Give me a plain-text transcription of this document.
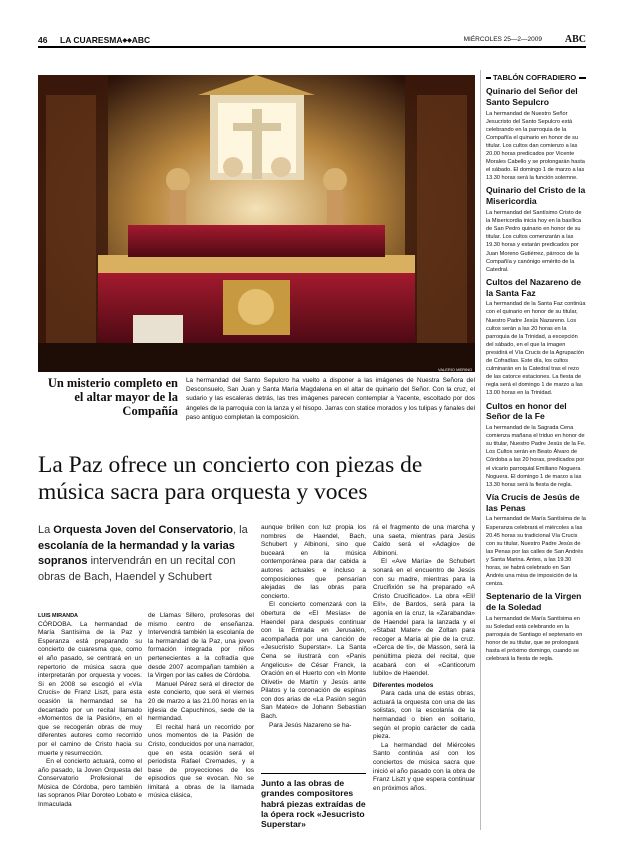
46 LA CUARESMA◆◆ABC	MIÉRCOLES 25—2—2009 ABC
VALERIO MERINO
Un misterio completo en el altar mayor de la Compañía
La hermandad del Santo Sepulcro ha vuelto a disponer a las imágenes de Nuestra Señora del Desconsuelo, San Juan y Santa María Magdalena en el altar de quinario del Señor. Con la cruz, el sudario y las escaleras detrás, las tres imágenes parecen contemplar a Yacente, escoltado por dos ángeles de la parroquia con la lanza y el hisopo. Jarras con statice morados y los tulipas y fanales del paso antiguo completan la composición.
La Paz ofrece un concierto con piezas de música sacra para orquesta y voces
La Orquesta Joven del Conservatorio, la escolanía de la hermandad y la varias sopranos intervendrán en un recital con obras de Bach, Haendel y Schubert

LUIS MIRANDA

CÓRDOBA. La hermandad de María Santísima de la Paz y Esperanza está preparando su concierto de cuaresma que, como el año pasado, se centrará en un repertorio de música sacra que interpretarán por orquesta y voces. Si en 2008 se escogió el «Vía Crucis» de Franz Liszt, para esta ocasión la hermandad se ha decantado por un recital llamado «Momentos de la Pasión», en el que se recogerán obras de muy diferentes autores como recorrido por el camino de Cristo hacia su muerte y resurrección.

En el concierto actuará, como el año pasado, la Joven Orquesta del Conservatorio Profesional de Música de Córdoba, pero también las sopranos Pilar Doroteo Lobato e Inmaculada

de Llamas Sillero, profesoras del mismo centro de enseñanza. Intervendrá también la escolanía de la hermandad de la Paz, una joven formación integrada por niños pertenecientes a la cofradía que desde 2007 acompañan también a la Virgen por las calles de Córdoba.

Manuel Pérez será el director de este concierto, que será el viernes 20 de marzo a las 21.00 horas en la iglesia de Capuchinos, sede de la hermandad.

El recital hará un recorrido por unos momentos de la Pasión de Cristo, conducidos por una narrador, que en esta ocasión será el periodista Rafael Cremades, y a base de proyecciones de los episodios que se evocan. No se limitará a obras de la llamada música clásica,

aunque brillen con luz propia los nombres de Haendel, Bach, Schubert y Albinoni, sino que buceará en la música contemporánea para dar cabida a autores actuales e incluso a composiciones que pensarían alejadas de las obras para concierto.

El concierto comenzará con la obertura de «El Mesías» de Haendel para después continuar con la Entrada en Jerusalén, acompañada por una canción de «Jesucristo Superstar». La Santa Cena se ilustrará con «Panis Angelicus» de César Franck, la Oración en el Huerto con «In Monte Oliveti» de Martín y Jesús ante Pilatos y la coronación de espinas con dos arias de «La Pasión según San Mateo» de Johann Sebastian Bach.

Para Jesús Nazareno se ha-

Junto a las obras de grandes compositores habrá piezas extraídas de la ópera rock «Jesucristo Superstar»

rá el fragmento de una marcha y una saeta, mientras para Jesús Caído será el «Adagio» de Albinoni.

El «Ave María» de Schubert sonará en el encuentro de Jesús con su madre, mientras para la Crucifixión se ha preparado «A Cristo Crucificado». La obra «Eli! Eli!», de Bardos, será para la agonía en la cruz, la «Zarabanda» de Haendel para la lanzada y el «Stabat Mater» de Zoltan para recoger a María al pie de la cruz. «Cerca de ti», de Masson, será la penúltima pieza del recital, que acabará con el «Canticorum Iubilo» de Haendel.

Diferentes modelos

Para cada una de estas obras, actuará la orquesta con una de las solistas, con la escolanía de la hermandad o bien en solitario, según el propio carácter de cada pieza.

La hermandad del Miércoles Santo continúa así con los conciertos de música sacra que inició el año pasado con la obra de Franz Liszt y que espera continuar en próximos años.

TABLÓN COFRADIERO
Quinario del Señor del Santo Sepulcro

La hermandad de Nuestro Señor Jesucristo del Santo Sepulcro está celebrando en la parroquia de la Compañía el quinario en honor de su titular. Los cultos dan comienzo a las 20.00 horas predicados por Vicente Morales Cabello y se prolongarán hasta el sábado. El domingo 1 de marzo a las 13.30 horas será la función solemne.

Quinario del Cristo de la Misericordia

La hermandad del Santísimo Cristo de la Misericordia inicia hoy en la basílica de San Pedro quinario en honor de su titular. Los cultos comenzarán a las 19.30 horas y estarán predicados por Juan Moreno Gutiérrez, párroco de la Compañía y canónigo emérito de la Catedral.

Cultos del Nazareno de la Santa Faz

La hermandad de la Santa Faz continúa con el quinario en honor de su titular, Nuestro Padre Jesús Nazareno. Los cultos serán a las 20 horas en la parroquia de la Trinidad, a excepción del sábado, en el que la imagen presidirá el Vía Crucis de la Agrupación de Cofradías. Este día, los cultos culminarán en la Catedral tras el rezo de las catorce estaciones. La fiesta de regla será el domingo 1 de marzo a las 13.00 horas en la Trinidad.

Cultos en honor del Señor de la Fe

La hermandad de la Sagrada Cena comienza mañana el triduo en honor de su titular, Nuestro Padre Jesús de la Fe. Los Cultos serán en Beato Álvaro de Córdoba a las 20 horas, predicados por el vicario parroquial Emiliano Noguera Noguera. El domingo 1 de marzo a las 13.30 horas será la fiesta de regla.

Vía Crucis de Jesús de las Penas

La hermandad de María Santísima de la Esperanza celebrará el miércoles a las 20.45 horas su tradicional Vía Crucis con su titular, Nuestro Padre Jesús de las Penas por las calles de San Andrés y Santa Marina. Antes, a las 19.30 horas, se habrá celebrado en San Andrés una misa de imposición de la ceniza.

Septenario de la Virgen de la Soledad

La hermandad de María Santísima en su Soledad está celebrando en la parroquia de Santiago el septenario en honor de su titular, que se prolongará hasta el próximo domingo, cuando se celebrará la fiesta de regla.
